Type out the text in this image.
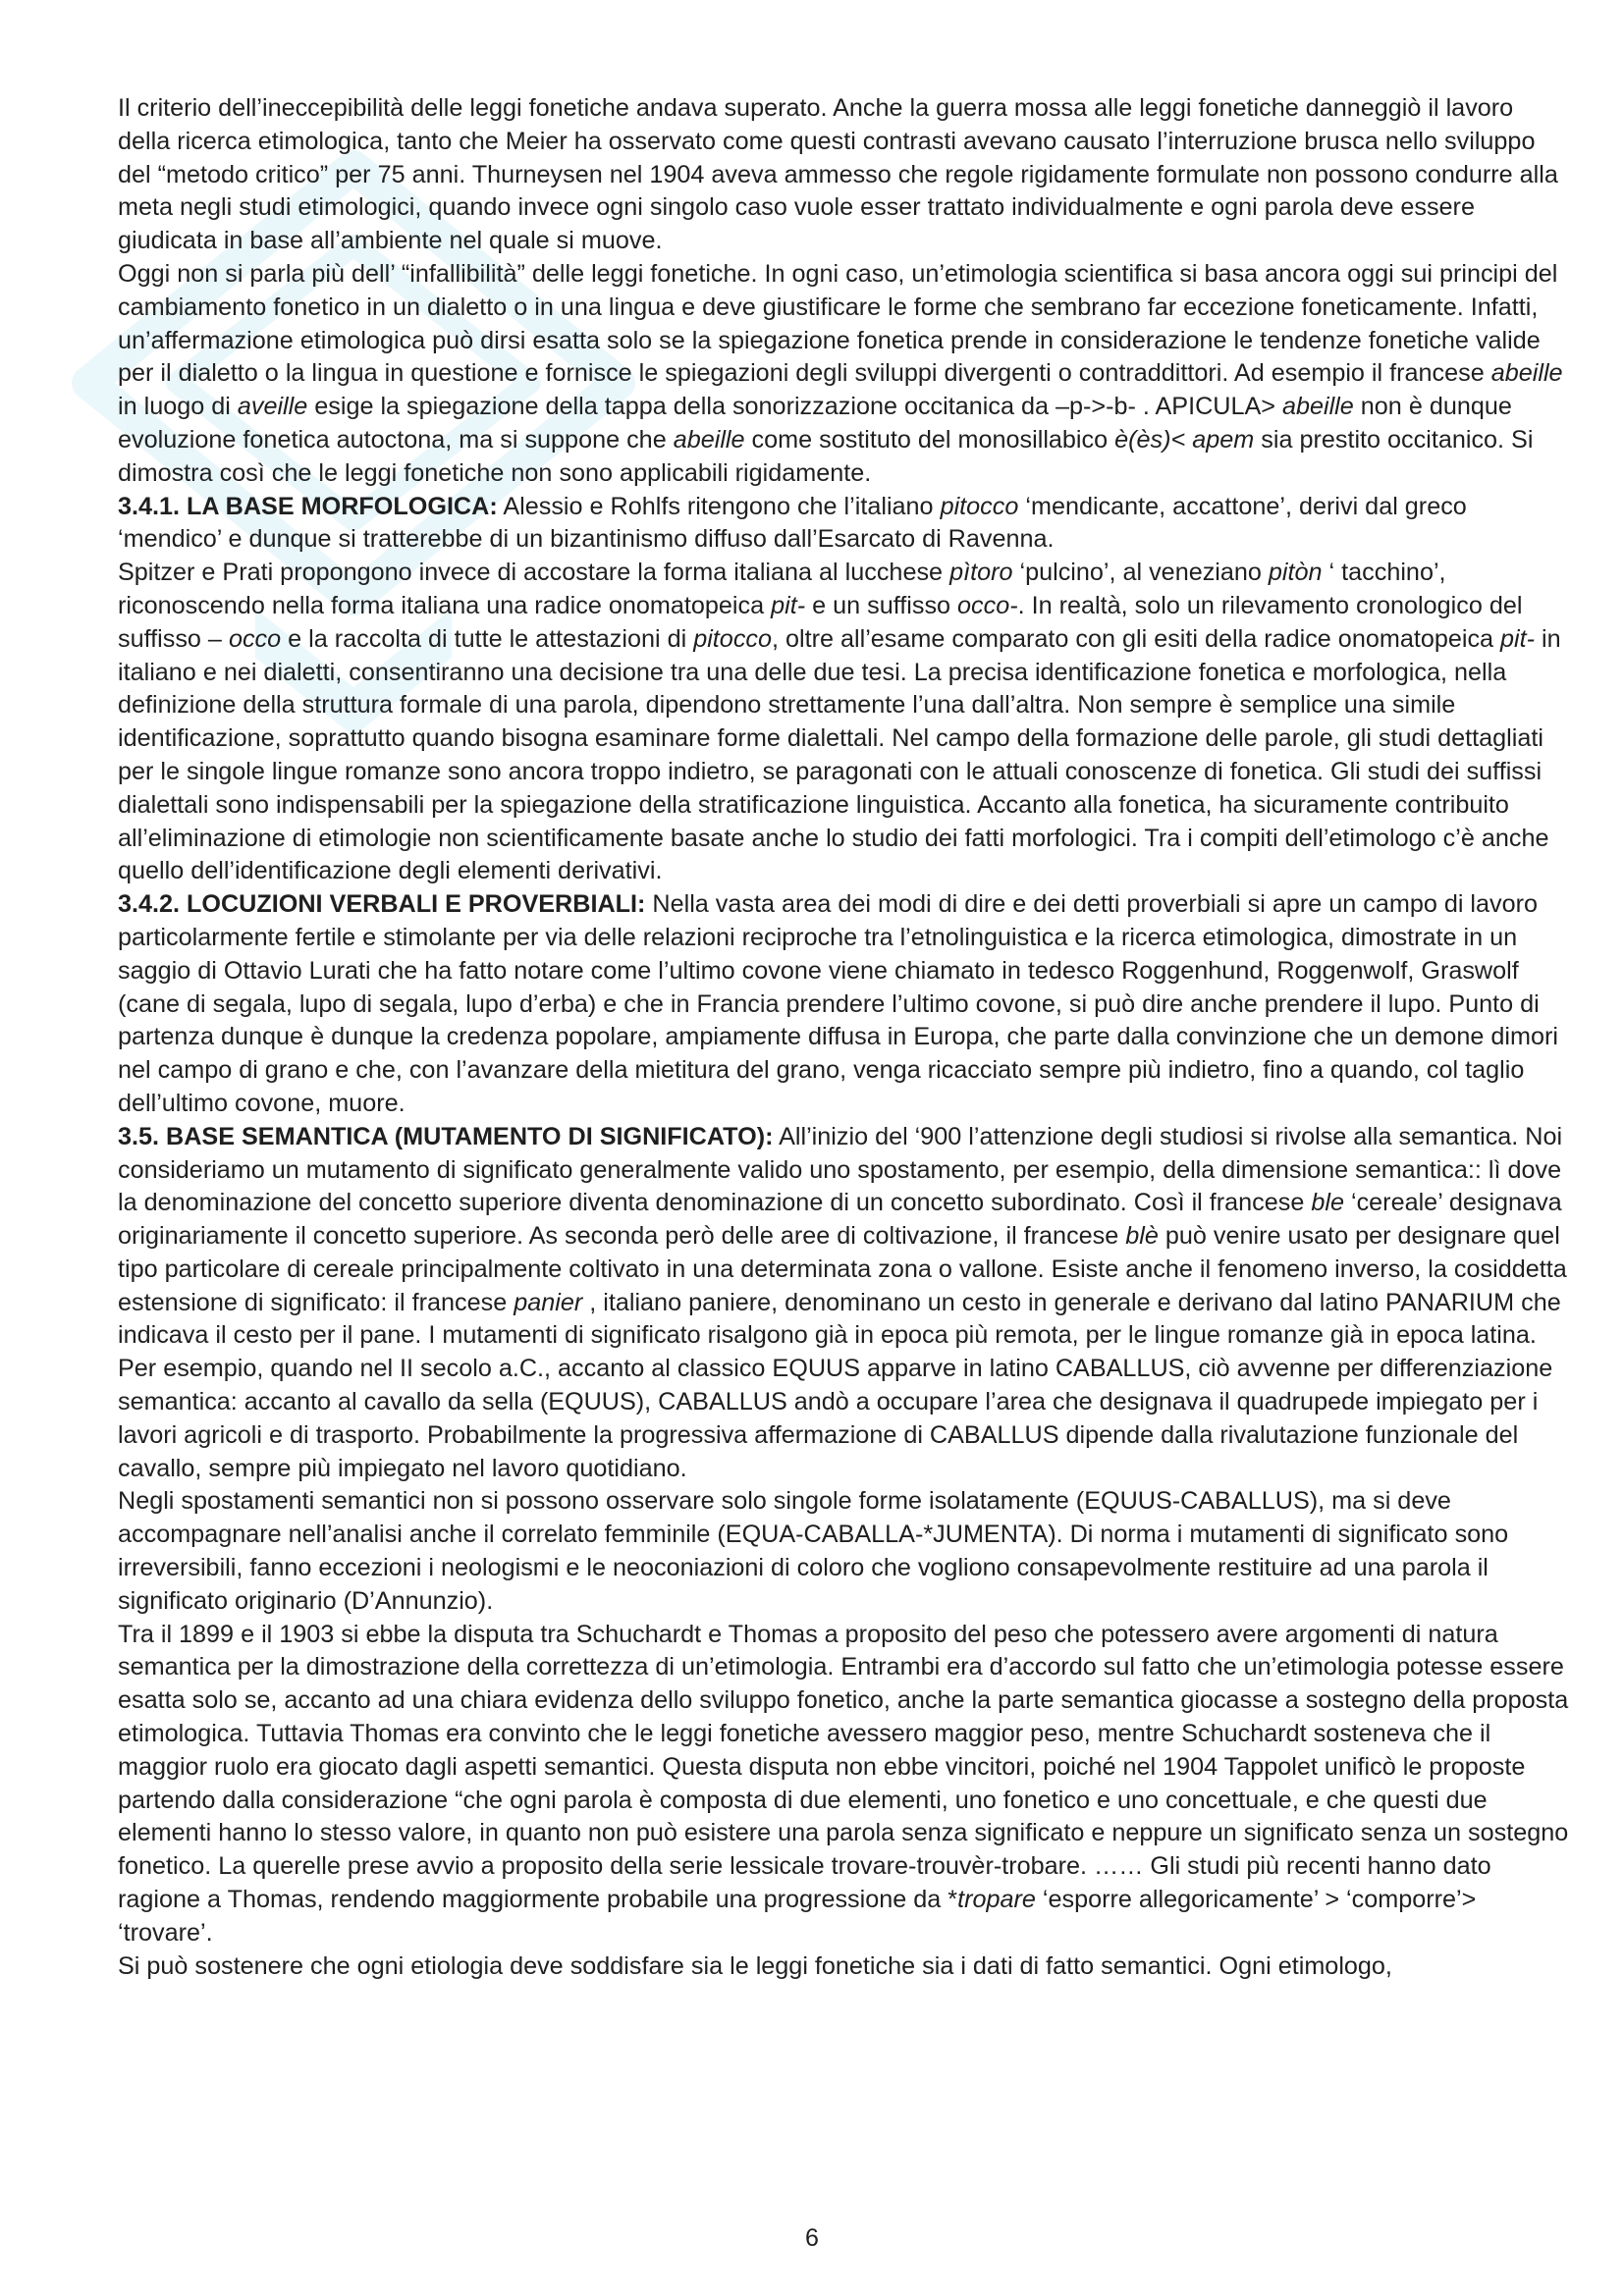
Il criterio dell’ineccepibilità delle leggi fonetiche andava superato. Anche la guerra mossa alle leggi fonetiche danneggiò il lavoro della ricerca etimologica, tanto che Meier ha osservato come questi contrasti avevano causato l’interruzione brusca nello sviluppo del “metodo critico” per 75 anni. Thurneysen nel 1904 aveva ammesso che regole rigidamente formulate non possono condurre alla meta negli studi etimologici, quando invece ogni singolo caso vuole esser trattato individualmente e ogni parola deve essere giudicata in base all’ambiente nel quale si muove.

Oggi non si parla più dell’ “infallibilità” delle leggi fonetiche. In ogni caso, un’etimologia scientifica si basa ancora oggi sui principi del cambiamento fonetico in un dialetto o in una lingua e deve giustificare le forme che sembrano far eccezione foneticamente. Infatti, un’affermazione etimologica può dirsi esatta solo se la spiegazione fonetica prende in considerazione le tendenze fonetiche valide per il dialetto o la lingua in questione e fornisce le spiegazioni degli sviluppi divergenti o contraddittori. Ad esempio il francese abeille in luogo di aveille esige la spiegazione della tappa della sonorizzazione occitanica da –p->-b- . APICULA> abeille non è dunque evoluzione fonetica autoctona, ma si suppone che abeille come sostituto del monosillabico è(ès)< apem sia prestito occitanico. Si dimostra così che le leggi fonetiche non sono applicabili rigidamente.

3.4.1. LA BASE MORFOLOGICA: Alessio e Rohlfs ritengono che l’italiano pitocco ‘mendicante, accattone’, derivi dal greco ‘mendico’ e dunque si tratterebbe di un bizantinismo diffuso dall’Esarcato di Ravenna.

Spitzer e Prati propongono invece di accostare la forma italiana al lucchese pìtoro ‘pulcino’, al veneziano pitòn ‘ tacchino’, riconoscendo nella forma italiana una radice onomatopeica pit- e un suffisso occo-. In realtà, solo un rilevamento cronologico del suffisso – occo e la raccolta di tutte le attestazioni di pitocco, oltre all’esame comparato con gli esiti della radice onomatopeica pit- in italiano e nei dialetti, consentiranno una decisione tra una delle due tesi. La precisa identificazione fonetica e morfologica, nella definizione della struttura formale di una parola, dipendono strettamente l’una dall’altra. Non sempre è semplice una simile identificazione, soprattutto quando bisogna esaminare forme dialettali. Nel campo della formazione delle parole, gli studi dettagliati per le singole lingue romanze sono ancora troppo indietro, se paragonati con le attuali conoscenze di fonetica. Gli studi dei suffissi dialettali sono indispensabili per la spiegazione della stratificazione linguistica. Accanto alla fonetica, ha sicuramente contribuito all’eliminazione di etimologie non scientificamente basate anche lo studio dei fatti morfologici. Tra i compiti dell’etimologo c’è anche quello dell’identificazione degli elementi derivativi.

3.4.2. LOCUZIONI VERBALI E PROVERBIALI: Nella vasta area dei modi di dire e dei detti proverbiali si apre un campo di lavoro particolarmente fertile e stimolante per via delle relazioni reciproche tra l’etnolinguistica e la ricerca etimologica, dimostrate in un saggio di Ottavio Lurati che ha fatto notare come l’ultimo covone viene chiamato in tedesco Roggenhund, Roggenwolf, Graswolf (cane di segala, lupo di segala, lupo d’erba) e che in Francia prendere l’ultimo covone, si può dire anche prendere il lupo. Punto di partenza dunque è dunque la credenza popolare, ampiamente diffusa in Europa, che parte dalla convinzione che un demone dimori nel campo di grano e che, con l’avanzare della mietitura del grano, venga ricacciato sempre più indietro, fino a quando, col taglio dell’ultimo covone, muore.

3.5. BASE SEMANTICA (MUTAMENTO DI SIGNIFICATO): All’inizio del ‘900 l’attenzione degli studiosi si rivolse alla semantica. Noi consideriamo un mutamento di significato generalmente valido uno spostamento, per esempio, della dimensione semantica:: lì dove la denominazione del concetto superiore diventa denominazione di un concetto subordinato. Così il francese ble ‘cereale’ designava originariamente il concetto superiore. As seconda però delle aree di coltivazione, il francese blè può venire usato per designare quel tipo particolare di cereale principalmente coltivato in una determinata zona o vallone. Esiste anche il fenomeno inverso, la cosiddetta estensione di significato: il francese panier , italiano paniere, denominano un cesto in generale e derivano dal latino PANARIUM che indicava il cesto per il pane. I mutamenti di significato risalgono già in epoca più remota, per le lingue romanze già in epoca latina. Per esempio, quando nel II secolo a.C., accanto al classico EQUUS apparve in latino CABALLUS, ciò avvenne per differenziazione semantica: accanto al cavallo da sella (EQUUS), CABALLUS andò a occupare l’area che designava il quadrupede impiegato per i lavori agricoli e di trasporto. Probabilmente la progressiva affermazione di CABALLUS dipende dalla rivalutazione funzionale del cavallo, sempre più impiegato nel lavoro quotidiano.

Negli spostamenti semantici non si possono osservare solo singole forme isolatamente (EQUUS-CABALLUS), ma si deve accompagnare nell’analisi anche il correlato femminile (EQUA-CABALLA-*JUMENTA). Di norma i mutamenti di significato sono irreversibili, fanno eccezioni i neologismi e le neoconiazioni di coloro che vogliono consapevolmente restituire ad una parola il significato originario (D’Annunzio).

Tra il 1899 e il 1903 si ebbe la disputa tra Schuchardt e Thomas a proposito del peso che potessero avere argomenti di natura semantica per la dimostrazione della correttezza di un’etimologia. Entrambi era d’accordo sul fatto che un’etimologia potesse essere esatta solo se, accanto ad una chiara evidenza dello sviluppo fonetico, anche la parte semantica giocasse a sostegno della proposta etimologica. Tuttavia Thomas era convinto che le leggi fonetiche avessero maggior peso, mentre Schuchardt sosteneva che il maggior ruolo era giocato dagli aspetti semantici. Questa disputa non ebbe vincitori, poiché nel 1904 Tappolet unificò le proposte partendo dalla considerazione “che ogni parola è composta di due elementi, uno fonetico e uno concettuale, e che questi due elementi hanno lo stesso valore, in quanto non può esistere una parola senza significato e neppure un significato senza un sostegno fonetico. La querelle prese avvio a proposito della serie lessicale trovare-trouvèr-trobare. …… Gli studi più recenti hanno dato ragione a Thomas, rendendo maggiormente probabile una progressione da *tropare ‘esporre allegoricamente’ > ‘comporre’> ‘trovare’.

Si può sostenere che ogni etiologia deve soddisfare sia le leggi fonetiche sia i dati di fatto semantici. Ogni etimologo,

6
